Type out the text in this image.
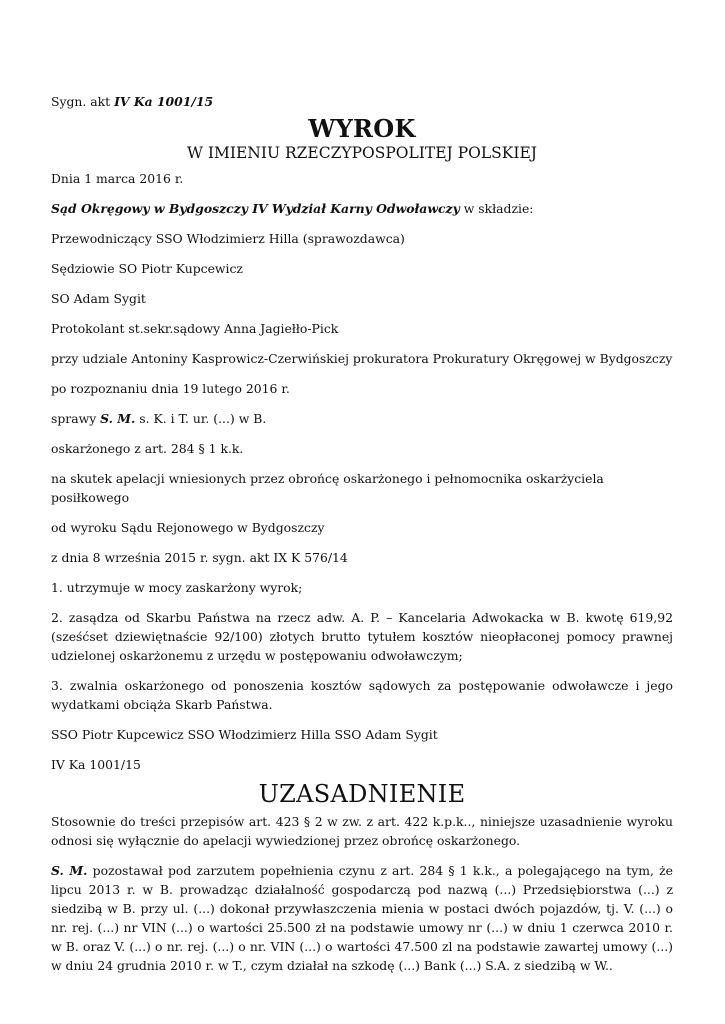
Sygn. akt IV Ka 1001/15

WYROK
W IMIENIU RZECZYPOSPOLITEJ POLSKIEJ

Dnia 1 marca 2016 r.

Sąd Okręgowy w Bydgoszczy IV Wydział Karny Odwoławczy w składzie:

Przewodniczący SSO Włodzimierz Hilla (sprawozdawca)

Sędziowie SO Piotr Kupcewicz

SO Adam Sygit

Protokolant st.sekr.sądowy Anna Jagiełło-Pick

przy udziale Antoniny Kasprowicz-Czerwińskiej prokuratora Prokuratury Okręgowej w Bydgoszczy

po rozpoznaniu dnia 19 lutego 2016 r.

sprawy S. M. s. K. i T. ur. (...) w B.

oskarżonego z art. 284 § 1 k.k.

na skutek apelacji wniesionych przez obrońcę oskarżonego i pełnomocnika oskarżyciela posiłkowego

od wyroku Sądu Rejonowego w Bydgoszczy

z dnia 8 września 2015 r. sygn. akt IX K 576/14

1. utrzymuje w mocy zaskarżony wyrok;

2. zasądza od Skarbu Państwa na rzecz adw. A. P. – Kancelaria Adwokacka w B. kwotę 619,92 (sześćset dziewiętnaście 92/100) złotych brutto tytułem kosztów nieopłaconej pomocy prawnej udzielonej oskarżonemu z urzędu w postępowaniu odwoławczym;

3. zwalnia oskarżonego od ponoszenia kosztów sądowych za postępowanie odwoławcze i jego wydatkami obciąża Skarb Państwa.

SSO Piotr Kupcewicz SSO Włodzimierz Hilla SSO Adam Sygit

IV Ka 1001/15

UZASADNIENIE

Stosownie do treści przepisów art. 423 § 2 w zw. z art. 422 k.p.k.., niniejsze uzasadnienie wyroku odnosi się wyłącznie do apelacji wywiedzionej przez obrońcę oskarżonego.

S. M. pozostawał pod zarzutem popełnienia czynu z art. 284 § 1 k.k., a polegającego na tym, że lipcu 2013 r. w B. prowadząc działalność gospodarczą pod nazwą (...) Przedsiębiorstwa (...) z siedzibą w B. przy ul. (...) dokonał przywłaszczenia mienia w postaci dwóch pojazdów, tj. V. (...) o nr. rej. (...) nr VIN (...) o wartości 25.500 zł na podstawie umowy nr (...) w dniu 1 czerwca 2010 r. w B. oraz V. (...) o nr. rej. (...) o nr. VIN (...) o wartości 47.500 zl na podstawie zawartej umowy (...) w dniu 24 grudnia 2010 r. w T., czym działał na szkodę (...) Bank (...) S.A. z siedzibą w W..
